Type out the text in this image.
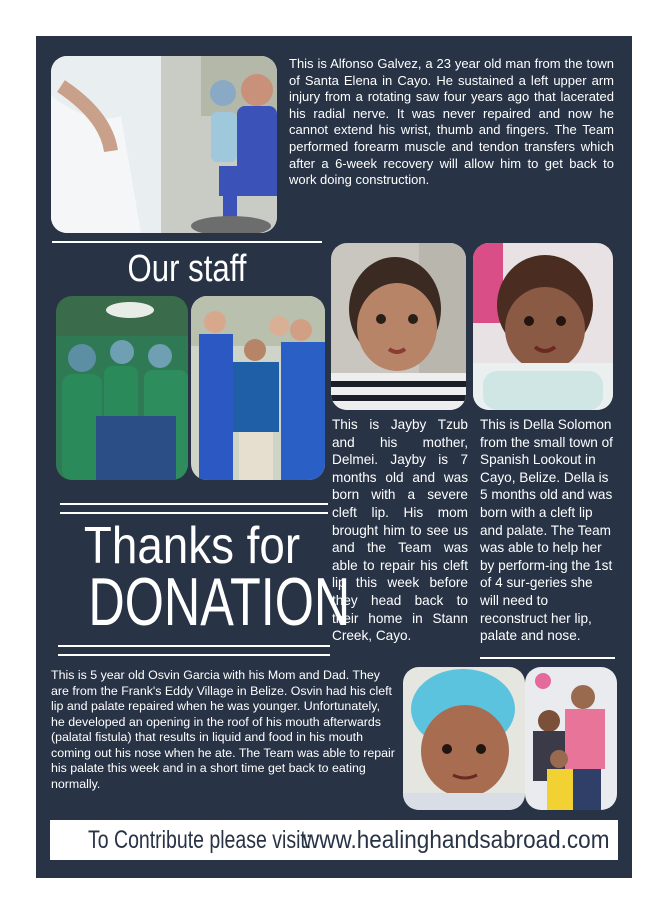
This is Alfonso Galvez, a 23 year old man from the town of Santa Elena in Cayo. He sustained a left upper arm injury from a rotating saw four years ago that lacerated his radial nerve. It was never repaired and now he cannot extend his wrist, thumb and fingers. The Team performed forearm muscle and tendon transfers which after a 6-week recovery will allow him to get back to work doing construction.
Our staff
This is Jayby Tzub and his mother, Delmei. Jayby is 7 months old and was born with a severe cleft lip. His mom brought him to see us and the Team was able to repair his cleft lip this week before they head back to their home in Stann Creek, Cayo.
This is Della Solomon from the small town of Spanish Lookout in Cayo, Belize. Della is 5 months old and was born with a cleft lip and palate. The Team was able to help her by perform-ing the 1st of 4 sur-geries she will need to reconstruct her lip, palate and nose.
Thanks for
DONATION
This is 5 year old Osvin Garcia with his Mom and Dad. They are from the Frank's Eddy Village in Belize. Osvin had his cleft lip and palate repaired when he was younger. Unfortunately, he developed an opening in the roof of his mouth afterwards (palatal fistula) that results in liquid and food in his mouth coming out his nose when he ate. The Team was able to repair his palate this week and in a short time get back to eating normally.
To Contribute please visit:
www.healinghandsabroad.com
